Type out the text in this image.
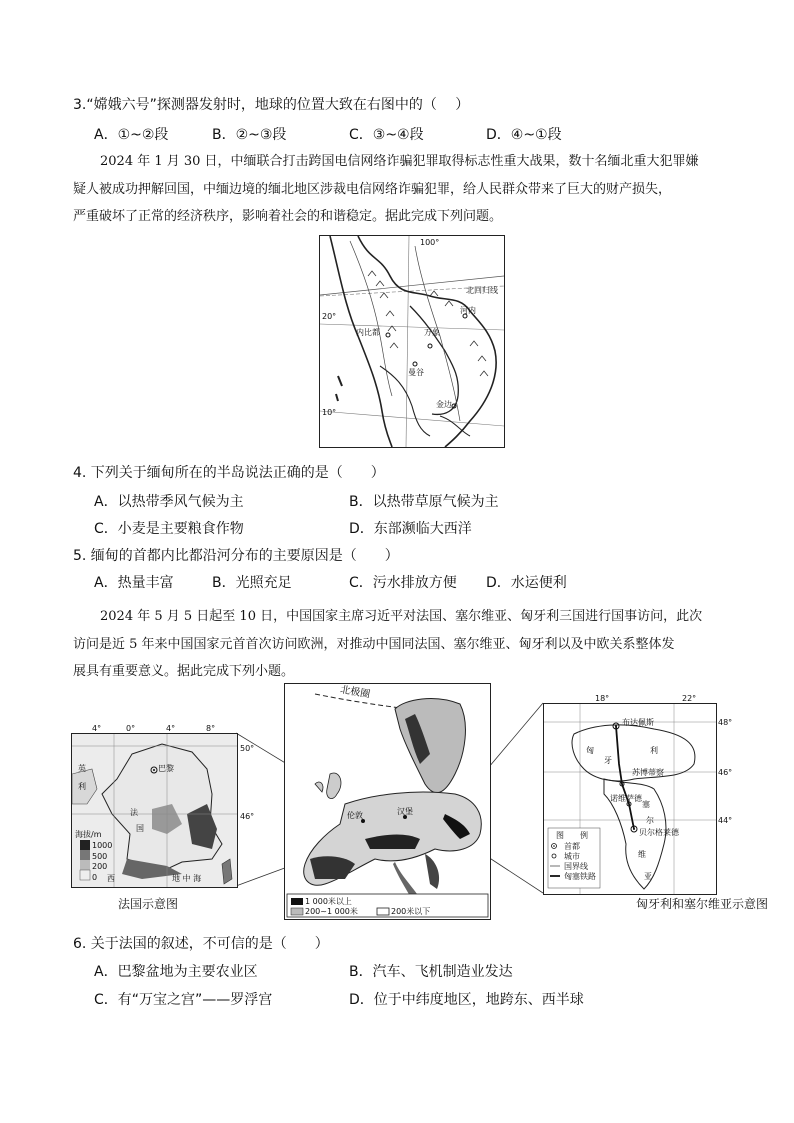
3.“嫦娥六号”探测器发射时，地球的位置大致在右图中的（　 ）
A．①~②段	B．②~③段	C．③~④段	D．④~①段
2024 年 1 月 30 日，中缅联合打击跨国电信网络诈骗犯罪取得标志性重大战果，数十名缅北重大犯罪嫌
疑人被成功押解回国，中缅边境的缅北地区涉裁电信网络诈骗犯罪，给人民群众带来了巨大的财产损失，
严重破坏了正常的经济秩序，影响着社会的和谐稳定。据此完成下列问题。
100°
北回归线
20°
10°
内比都	万象
河内
曼谷
金边
4. 下列关于缅甸所在的半岛说法正确的是（　　）
A．以热带季风气候为主	B．以热带草原气候为主
C．小麦是主要粮食作物	D．东部濒临大西洋
5. 缅甸的首都内比都沿河分布的主要原因是（　　）
A．热量丰富	B．光照充足	C．污水排放方便 D．水运便利
2024 年 5 月 5 日起至 10 日，中国国家主席习近平对法国、塞尔维亚、匈牙利三国进行国事访问，此次
访问是近 5 年来中国国家元首首次访问欧洲，对推动中国同法国、塞尔维亚、匈牙利以及中欧关系整体发
展具有重要意义。据此完成下列小题。
巴黎
英
利
法
国
西	地 中 海
海拔/m
1000
500
200
0
4°	0°	4°	8°
50°
46°
法国示意图
北极圈
伦敦	汉堡
1 000米以上
200~1 000米	200米以下
布达佩斯
匈
牙
利
苏博蒂察
诺维萨德
塞
尔
贝尔格莱德
维
亚
图　　例
首都
城市
国界线
匈塞铁路
18°	22°
48°
46°
44°
匈牙利和塞尔维亚示意图
6. 关于法国的叙述，不可信的是（　　）
A．巴黎盆地为主要农业区	B．汽车、飞机制造业发达
C．有“万宝之宫”——罗浮宫	D．位于中纬度地区，地跨东、西半球
